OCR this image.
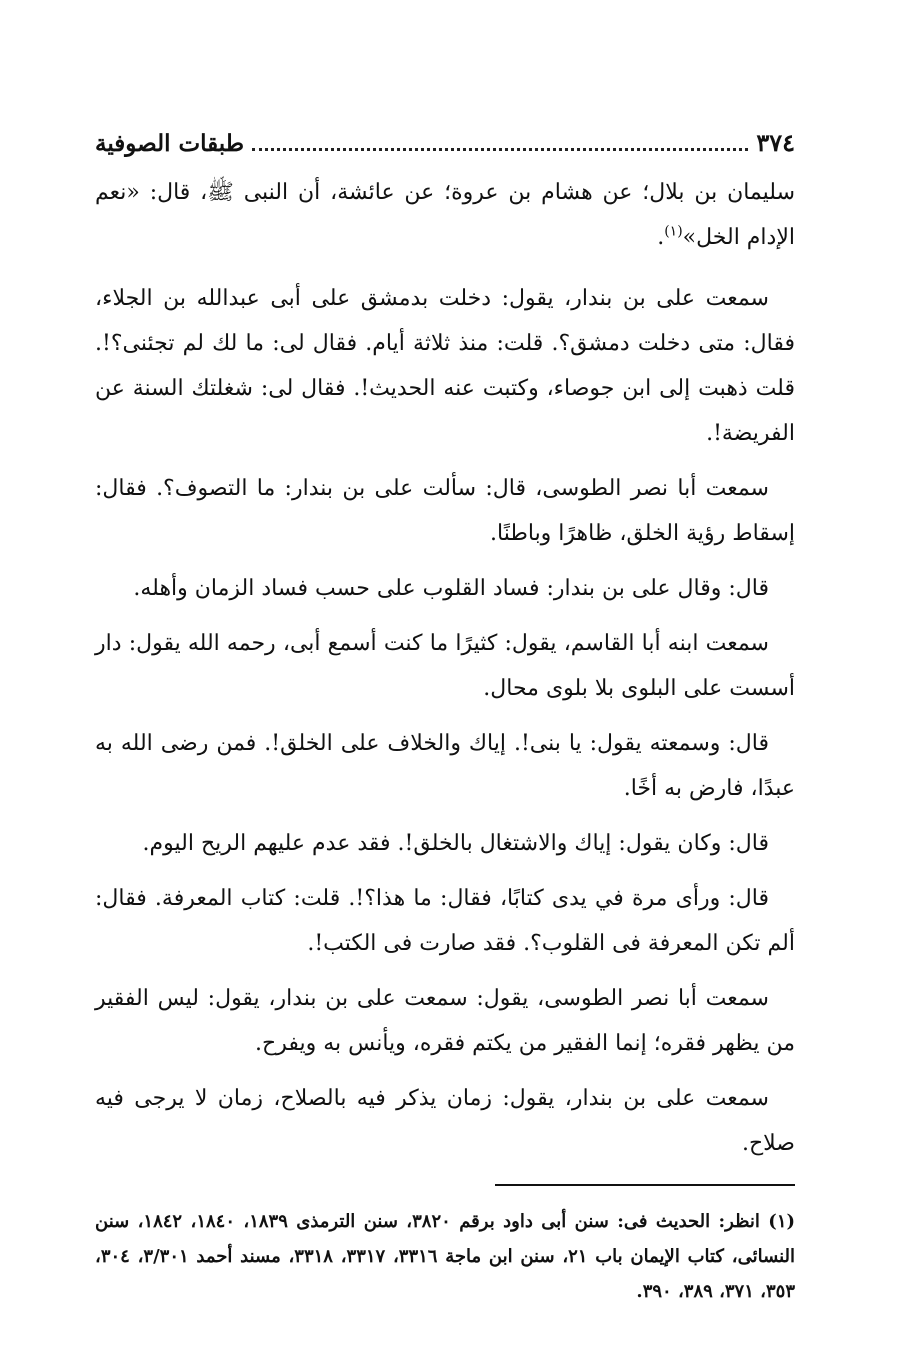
٣٧٤
طبقات الصوفية

سليمان بن بلال؛ عن هشام بن عروة؛ عن عائشة، أن النبى ﷺ، قال: «نعم الإدام الخل»$^{(١)}$.

سمعت على بن بندار، يقول: دخلت بدمشق على أبى عبدالله بن الجلاء، فقال: متى دخلت دمشق؟. قلت: منذ ثلاثة أيام. فقال لى: ما لك لم تجئنى؟!. قلت ذهبت إلى ابن جوصاء، وكتبت عنه الحديث!. فقال لى: شغلتك السنة عن الفريضة!.

سمعت أبا نصر الطوسى، قال: سألت على بن بندار: ما التصوف؟. فقال: إسقاط رؤية الخلق، ظاهرًا وباطنًا.

قال: وقال على بن بندار: فساد القلوب على حسب فساد الزمان وأهله.

سمعت ابنه أبا القاسم، يقول: كثيرًا ما كنت أسمع أبى، رحمه الله يقول: دار أسست على البلوى بلا بلوى محال.

قال: وسمعته يقول: يا بنى!. إياك والخلاف على الخلق!. فمن رضى الله به عبدًا، فارض به أخًا.

قال: وكان يقول: إياك والاشتغال بالخلق!. فقد عدم عليهم الريح اليوم.

قال: ورأى مرة في يدى كتابًا، فقال: ما هذا؟!. قلت: كتاب المعرفة. فقال: ألم تكن المعرفة فى القلوب؟. فقد صارت فى الكتب!.

سمعت أبا نصر الطوسى، يقول: سمعت على بن بندار، يقول: ليس الفقير من يظهر فقره؛ إنما الفقير من يكتم فقره، ويأنس به ويفرح.

سمعت على بن بندار، يقول: زمان يذكر فيه بالصلاح، زمان لا يرجى فيه صلاح.

(١) انظر: الحديث فى: سنن أبى داود برقم ٣٨٢٠، سنن الترمذى ١٨٣٩، ١٨٤٠، ١٨٤٢، سنن النسائى، كتاب الإيمان باب ٢١، سنن ابن ماجة ٣٣١٦، ٣٣١٧، ٣٣١٨، مسند أحمد ٣/٣٠١، ٣٠٤، ٣٥٣، ٣٧١، ٣٨٩، ٣٩٠.
